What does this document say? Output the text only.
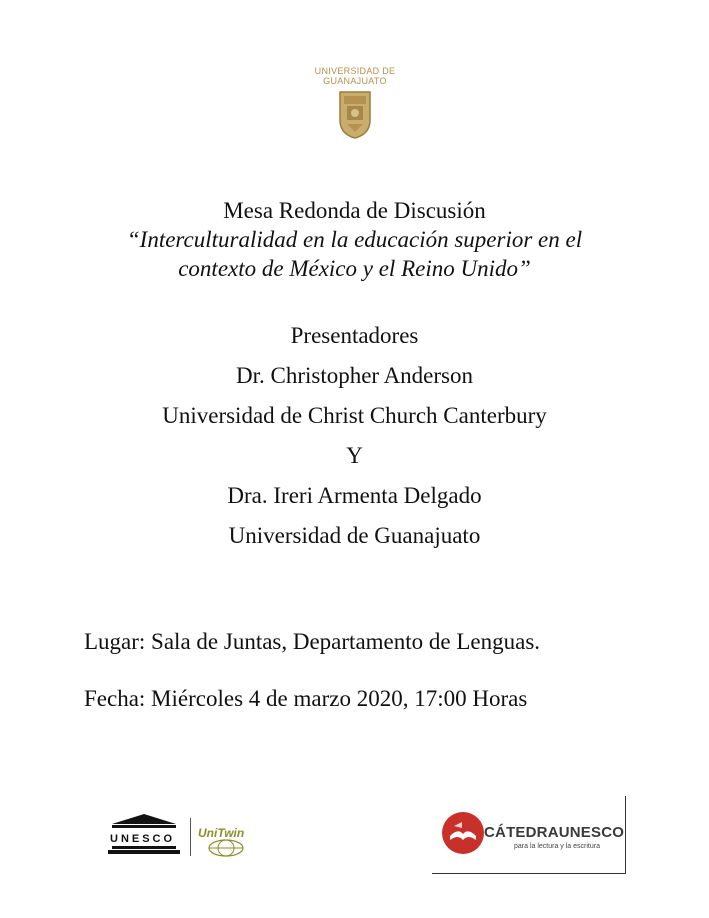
UNIVERSIDAD DE
GUANAJUATO
Mesa Redonda de Discusión
“Interculturalidad en la educación superior en el
contexto de México y el Reino Unido”
Presentadores
Dr. Christopher Anderson
Universidad de Christ Church Canterbury
Y
Dra. Ireri Armenta Delgado
Universidad de Guanajuato
Lugar: Sala de Juntas, Departamento de Lenguas.
Fecha: Miércoles 4 de marzo 2020, 17:00 Horas
UNESCO UniTwin	CÁTEDRAUNESCO
para la lectura y la escritura
